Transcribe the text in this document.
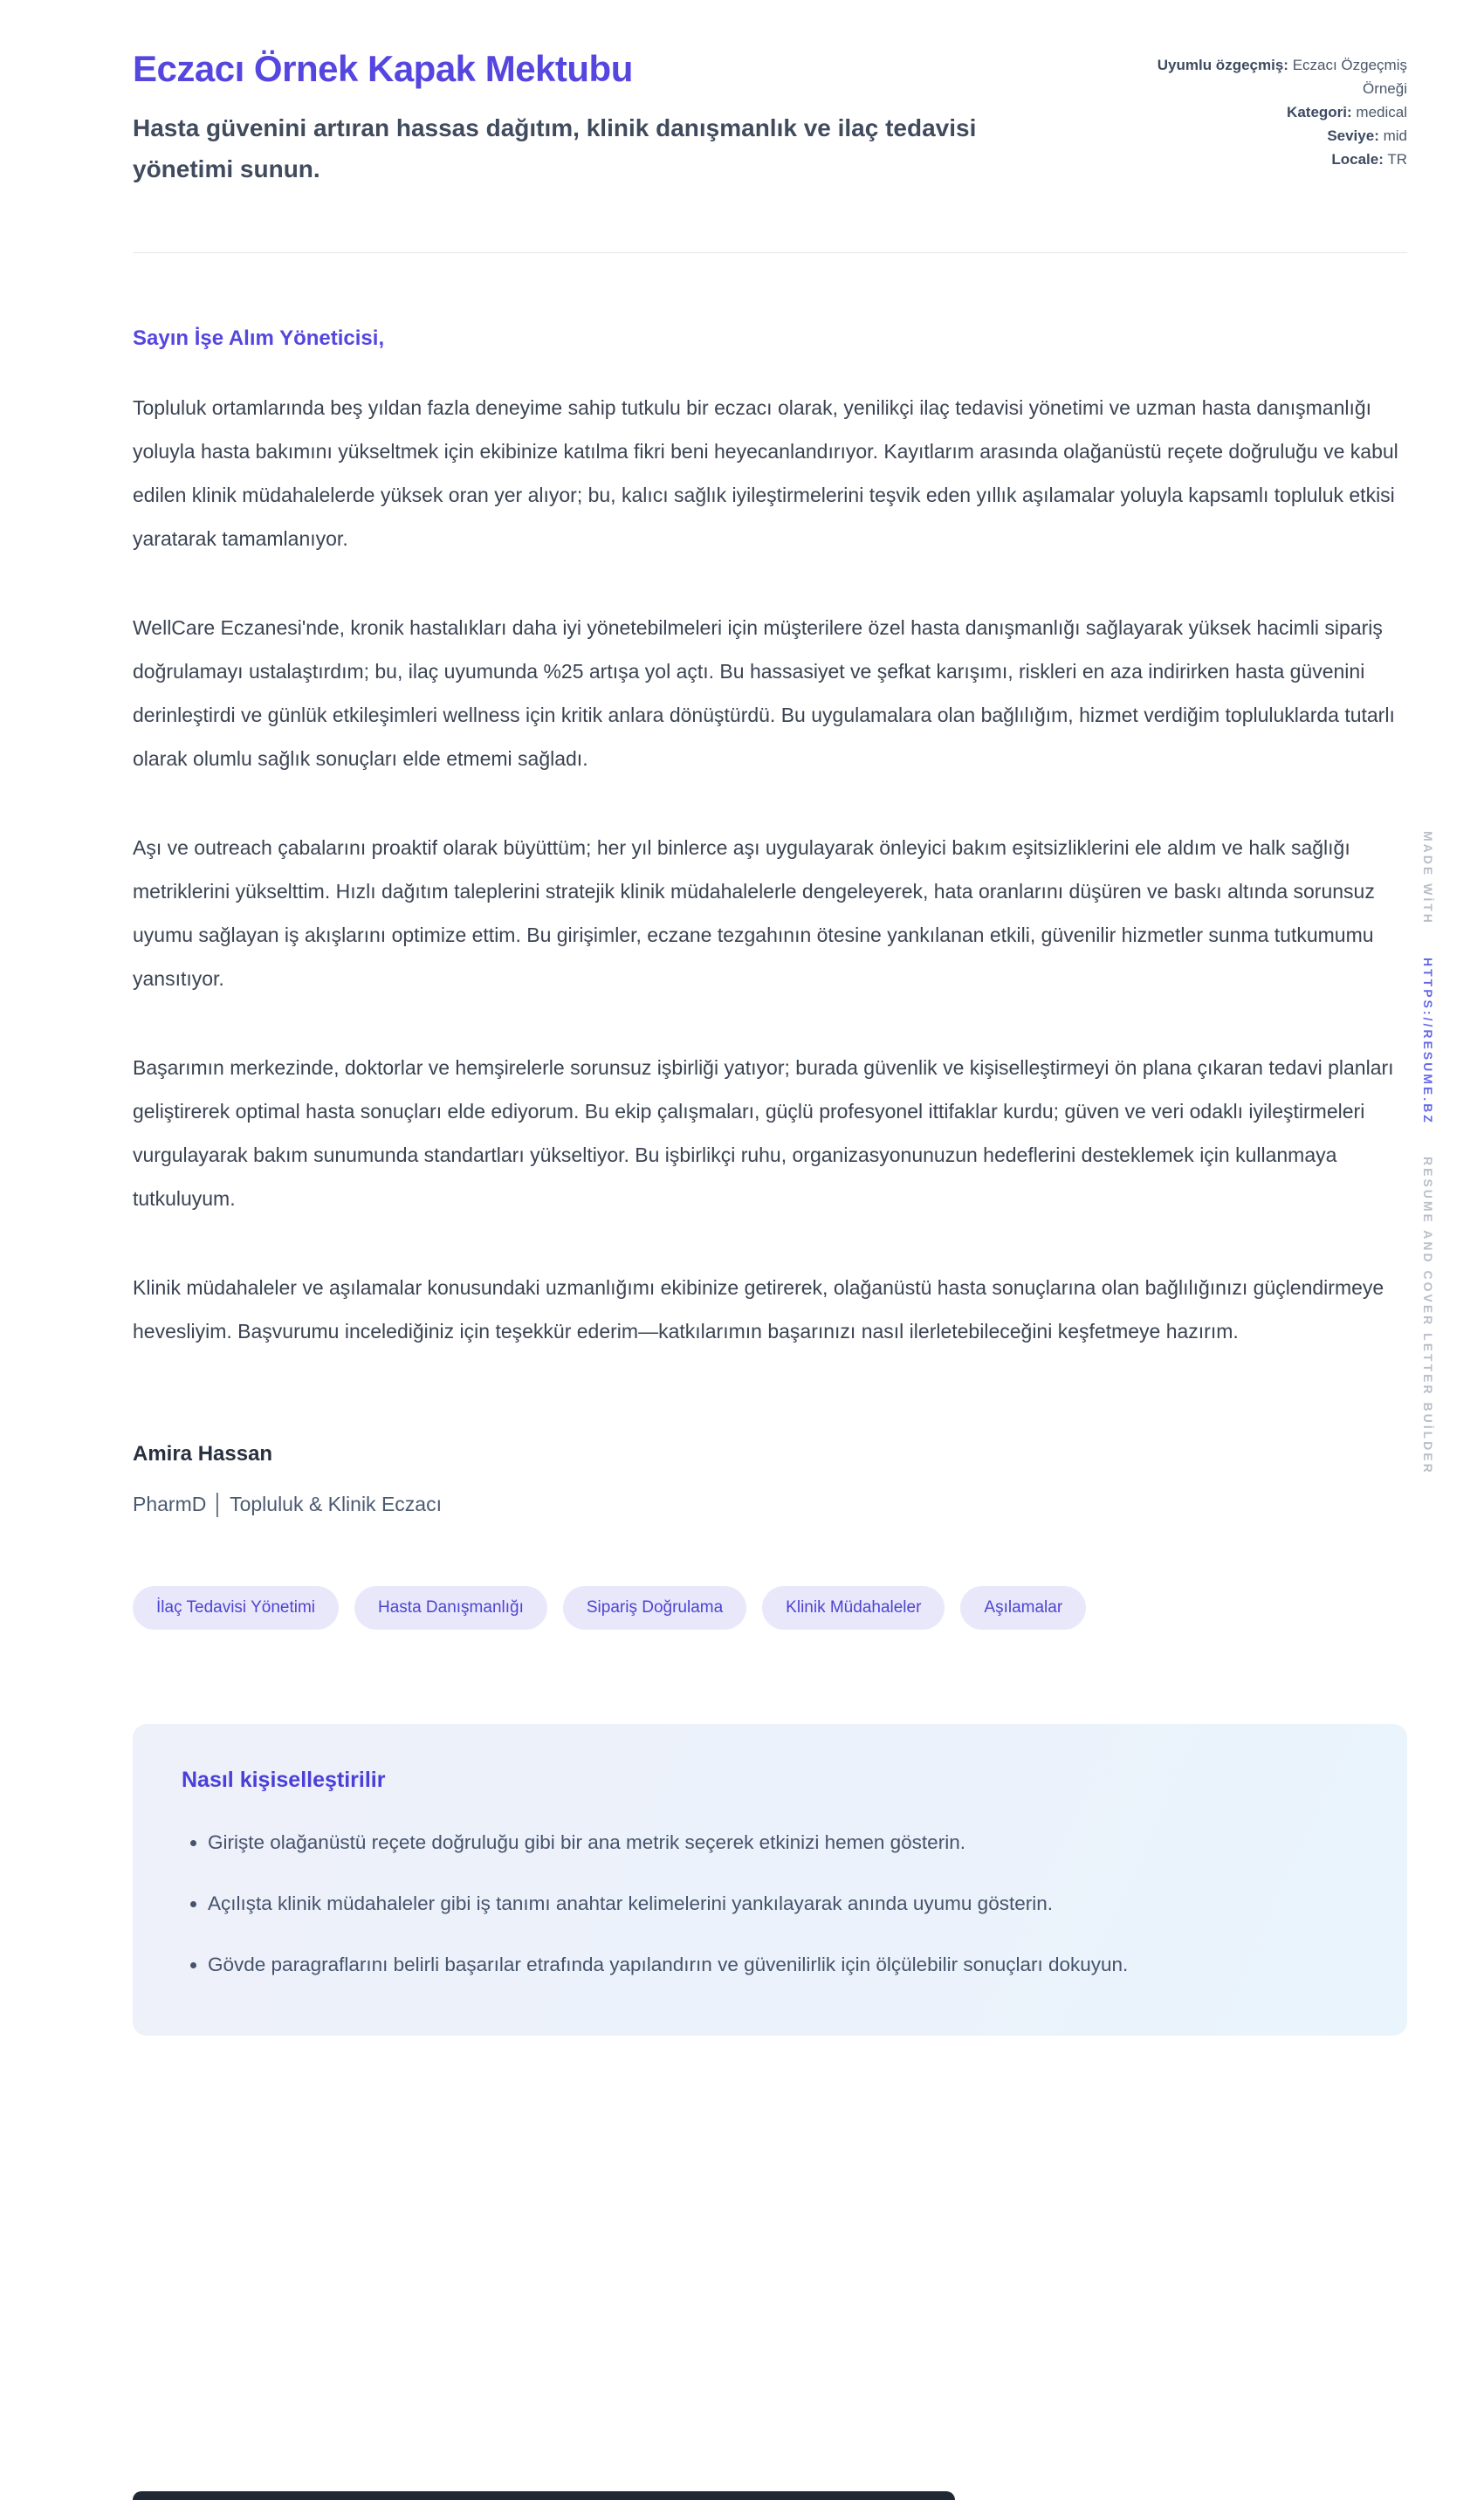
Eczacı Örnek Kapak Mektubu

Hasta güvenini artıran hassas dağıtım, klinik danışmanlık ve ilaç tedavisi yönetimi sunun.

Uyumlu özgeçmiş: Eczacı Özgeçmiş Örneği
Kategori: medical
Seviye: mid
Locale: TR

Sayın İşe Alım Yöneticisi,

Topluluk ortamlarında beş yıldan fazla deneyime sahip tutkulu bir eczacı olarak, yenilikçi ilaç tedavisi yönetimi ve uzman hasta danışmanlığı yoluyla hasta bakımını yükseltmek için ekibinize katılma fikri beni heyecanlandırıyor. Kayıtlarım arasında olağanüstü reçete doğruluğu ve kabul edilen klinik müdahalelerde yüksek oran yer alıyor; bu, kalıcı sağlık iyileştirmelerini teşvik eden yıllık aşılamalar yoluyla kapsamlı topluluk etkisi yaratarak tamamlanıyor.

WellCare Eczanesi'nde, kronik hastalıkları daha iyi yönetebilmeleri için müşterilere özel hasta danışmanlığı sağlayarak yüksek hacimli sipariş doğrulamayı ustalaştırdım; bu, ilaç uyumunda %25 artışa yol açtı. Bu hassasiyet ve şefkat karışımı, riskleri en aza indirirken hasta güvenini derinleştirdi ve günlük etkileşimleri wellness için kritik anlara dönüştürdü. Bu uygulamalara olan bağlılığım, hizmet verdiğim topluluklarda tutarlı olarak olumlu sağlık sonuçları elde etmemi sağladı.

Aşı ve outreach çabalarını proaktif olarak büyüttüm; her yıl binlerce aşı uygulayarak önleyici bakım eşitsizliklerini ele aldım ve halk sağlığı metriklerini yükselttim. Hızlı dağıtım taleplerini stratejik klinik müdahalelerle dengeleyerek, hata oranlarını düşüren ve baskı altında sorunsuz uyumu sağlayan iş akışlarını optimize ettim. Bu girişimler, eczane tezgahının ötesine yankılanan etkili, güvenilir hizmetler sunma tutkumumu yansıtıyor.

Başarımın merkezinde, doktorlar ve hemşirelerle sorunsuz işbirliği yatıyor; burada güvenlik ve kişiselleştirmeyi ön plana çıkaran tedavi planları geliştirerek optimal hasta sonuçları elde ediyorum. Bu ekip çalışmaları, güçlü profesyonel ittifaklar kurdu; güven ve veri odaklı iyileştirmeleri vurgulayarak bakım sunumunda standartları yükseltiyor. Bu işbirlikçi ruhu, organizasyonunuzun hedeflerini desteklemek için kullanmaya tutkuluyum.

Klinik müdahaleler ve aşılamalar konusundaki uzmanlığımı ekibinize getirerek, olağanüstü hasta sonuçlarına olan bağlılığınızı güçlendirmeye hevesliyim. Başvurumu incelediğiniz için teşekkür ederim—katkılarımın başarınızı nasıl ilerletebileceğini keşfetmeye hazırım.

Amira Hassan

PharmD │ Topluluk & Klinik Eczacı

İlaç Tedavisi Yönetimi	Hasta Danışmanlığı	Sipariş Doğrulama	Klinik Müdahaleler	Aşılamalar
Nasıl kişiselleştirilir
• Girişte olağanüstü reçete doğruluğu gibi bir ana metrik seçerek etkinizi hemen gösterin.
• Açılışta klinik müdahaleler gibi iş tanımı anahtar kelimelerini yankılayarak anında uyumu gösterin.
• Gövde paragraflarını belirli başarılar etrafında yapılandırın ve güvenilirlik için ölçülebilir sonuçları dokuyun.
MADE WİTH HTTPS://RESUME.BZ RESUME AND COVER LETTER BUİLDER
